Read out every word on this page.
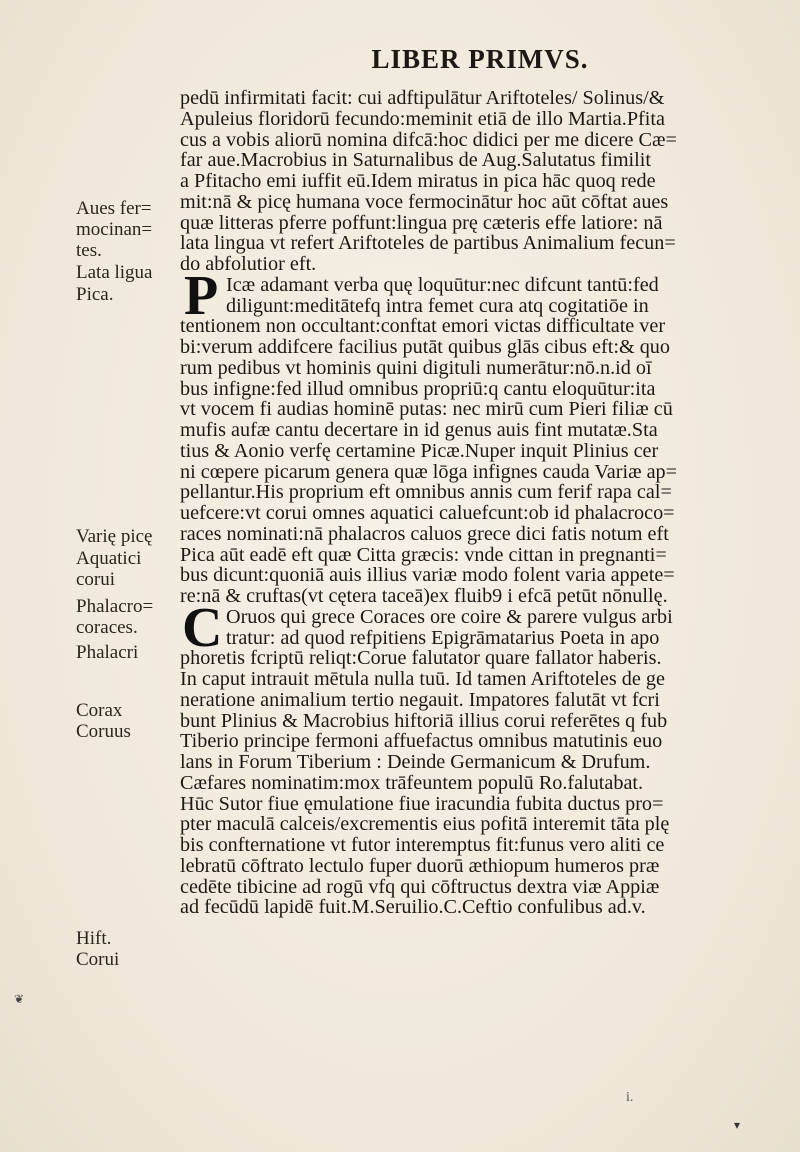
LIBER PRIMVS.
pedū infirmitati facit: cui adftipulātur Ariftoteles/ Solinus/&
Apuleius floridorū fecundo:meminit etiā de illo Martia.Pfita
cus a vobis aliorū nomina difcā:hoc didici per me dicere Cæ=
far aue.Macrobius in Saturnalibus de Aug.Salutatus fimilit
a Pfitacho emi iuffit eū.Idem miratus in pica hāc quoq rede
mit:nā & picę humana voce fermocinātur hoc aūt cōftat aues
quæ litteras pferre poffunt:lingua prę cæteris effe latiore: nā
lata lingua vt refert Ariftoteles de partibus Animalium fecun=
do abfolutior eft.
P Icæ adamant verba quę loquūtur:nec difcunt tantū:fed
diligunt:meditātefq intra femet cura atq cogitatiōe in
tentionem non occultant:conftat emori victas difficultate ver
bi:verum addifcere facilius putāt quibus glās cibus eft:& quo
rum pedibus vt hominis quini digituli numerātur:nō.n.id oī
bus infigne:fed illud omnibus propriū:q cantu eloquūtur:ita
vt vocem fi audias hominē putas: nec mirū cum Pieri filiæ cū
mufis aufæ cantu decertare in id genus auis fint mutatæ.Sta
tius & Aonio verfę certamine Picæ.Nuper inquit Plinius cer
ni cœpere picarum genera quæ lōga infignes cauda Variæ ap=
pellantur.His proprium eft omnibus annis cum ferif rapa cal=
uefcere:vt corui omnes aquatici caluefcunt:ob id phalacroco=
races nominati:nā phalacros caluos grece dici fatis notum eft
Pica aūt eadē eft quæ Citta græcis: vnde cittan in pregnanti=
bus dicunt:quoniā auis illius variæ modo folent varia appete=
re:nā & cruftas(vt cętera taceā)ex fluib9 i efcā petūt nōnullę.
C Oruos qui grece Coraces ore coire & parere vulgus arbi
tratur: ad quod refpitiens Epigrāmatarius Poeta in apo
phoretis fcriptū reliqt:Corue falutator quare fallator haberis.
In caput intrauit mētula nulla tuū. Id tamen Ariftoteles de ge
neratione animalium tertio negauit. Impatores falutāt vt fcri
bunt Plinius & Macrobius hiftoriā illius corui referētes q fub
Tiberio principe fermoni affuefactus omnibus matutinis euo
lans in Forum Tiberium : Deinde Germanicum & Drufum.
Cæfares nominatim:mox trāfeuntem populū Ro.falutabat.
Hūc Sutor fiue ęmulatione fiue iracundia fubita ductus pro=
pter maculā calceis/excrementis eius pofitā interemit tāta plę
bis confternatione vt futor interemptus fit:funus vero aliti ce
lebratū cōftrato lectulo fuper duorū æthiopum humeros præ
cedēte tibicine ad rogū vfq qui cōftructus dextra viæ Appiæ
ad fecūdū lapidē fuit.M.Seruilio.C.Ceftio confulibus ad.v.
Aues fer=
mocinan=
tes.
Lata ligua
Pica.
Varię picę
Aquatici
corui
Phalacro=
coraces.
Phalacri
Corax
Coruus
Hift.
Corui
❦
i.
▾
